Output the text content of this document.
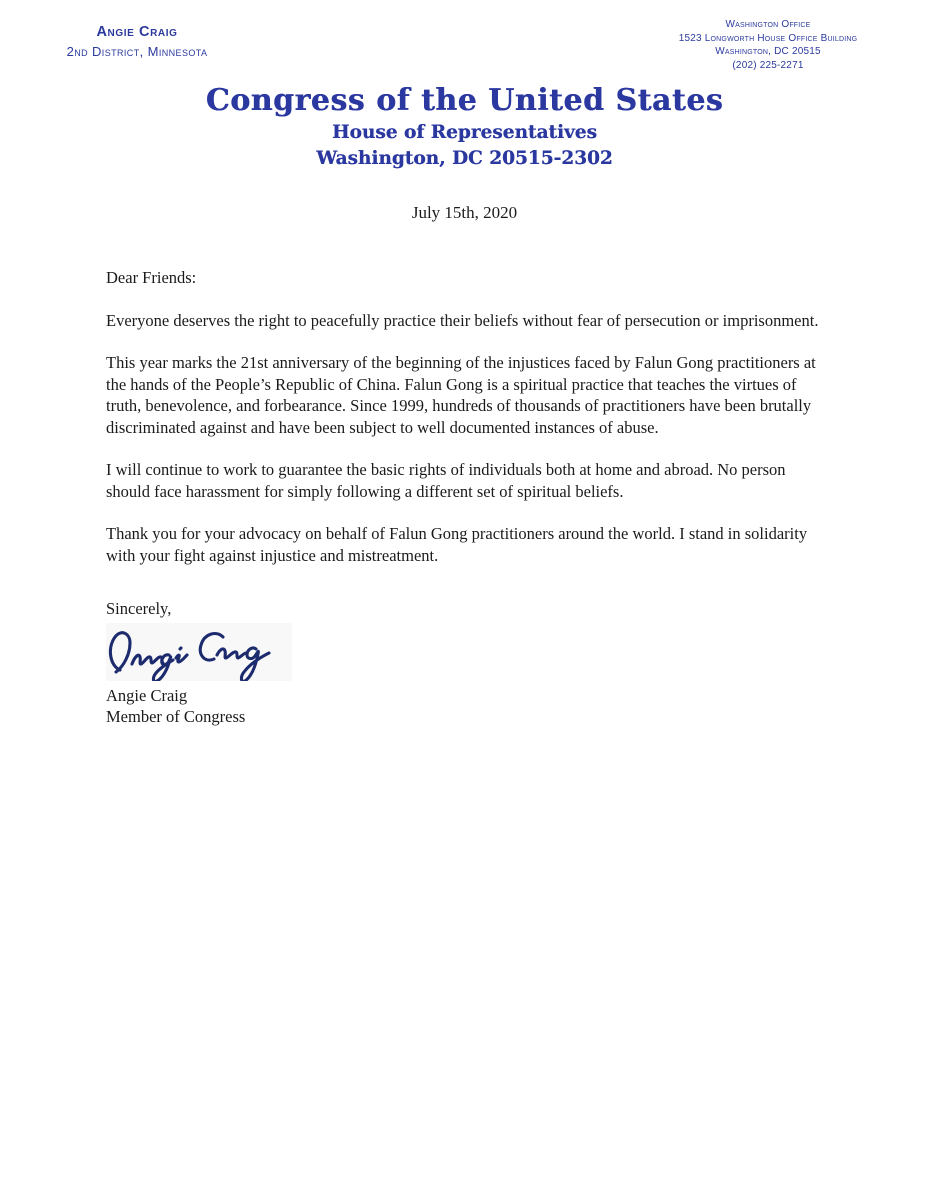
Angie Craig
2nd District, Minnesota
Washington Office
1523 Longworth House Office Building
Washington, DC 20515
(202) 225-2271
Congress of the United States
House of Representatives
Washington, DC 20515-2302
July 15th, 2020

Dear Friends:

Everyone deserves the right to peacefully practice their beliefs without fear of persecution or imprisonment.

This year marks the 21st anniversary of the beginning of the injustices faced by Falun Gong practitioners at the hands of the People’s Republic of China. Falun Gong is a spiritual practice that teaches the virtues of truth, benevolence, and forbearance. Since 1999, hundreds of thousands of practitioners have been brutally discriminated against and have been subject to well documented instances of abuse.

I will continue to work to guarantee the basic rights of individuals both at home and abroad. No person should face harassment for simply following a different set of spiritual beliefs.

Thank you for your advocacy on behalf of Falun Gong practitioners around the world. I stand in solidarity with your fight against injustice and mistreatment.

Sincerely,

Angie Craig
Member of Congress
